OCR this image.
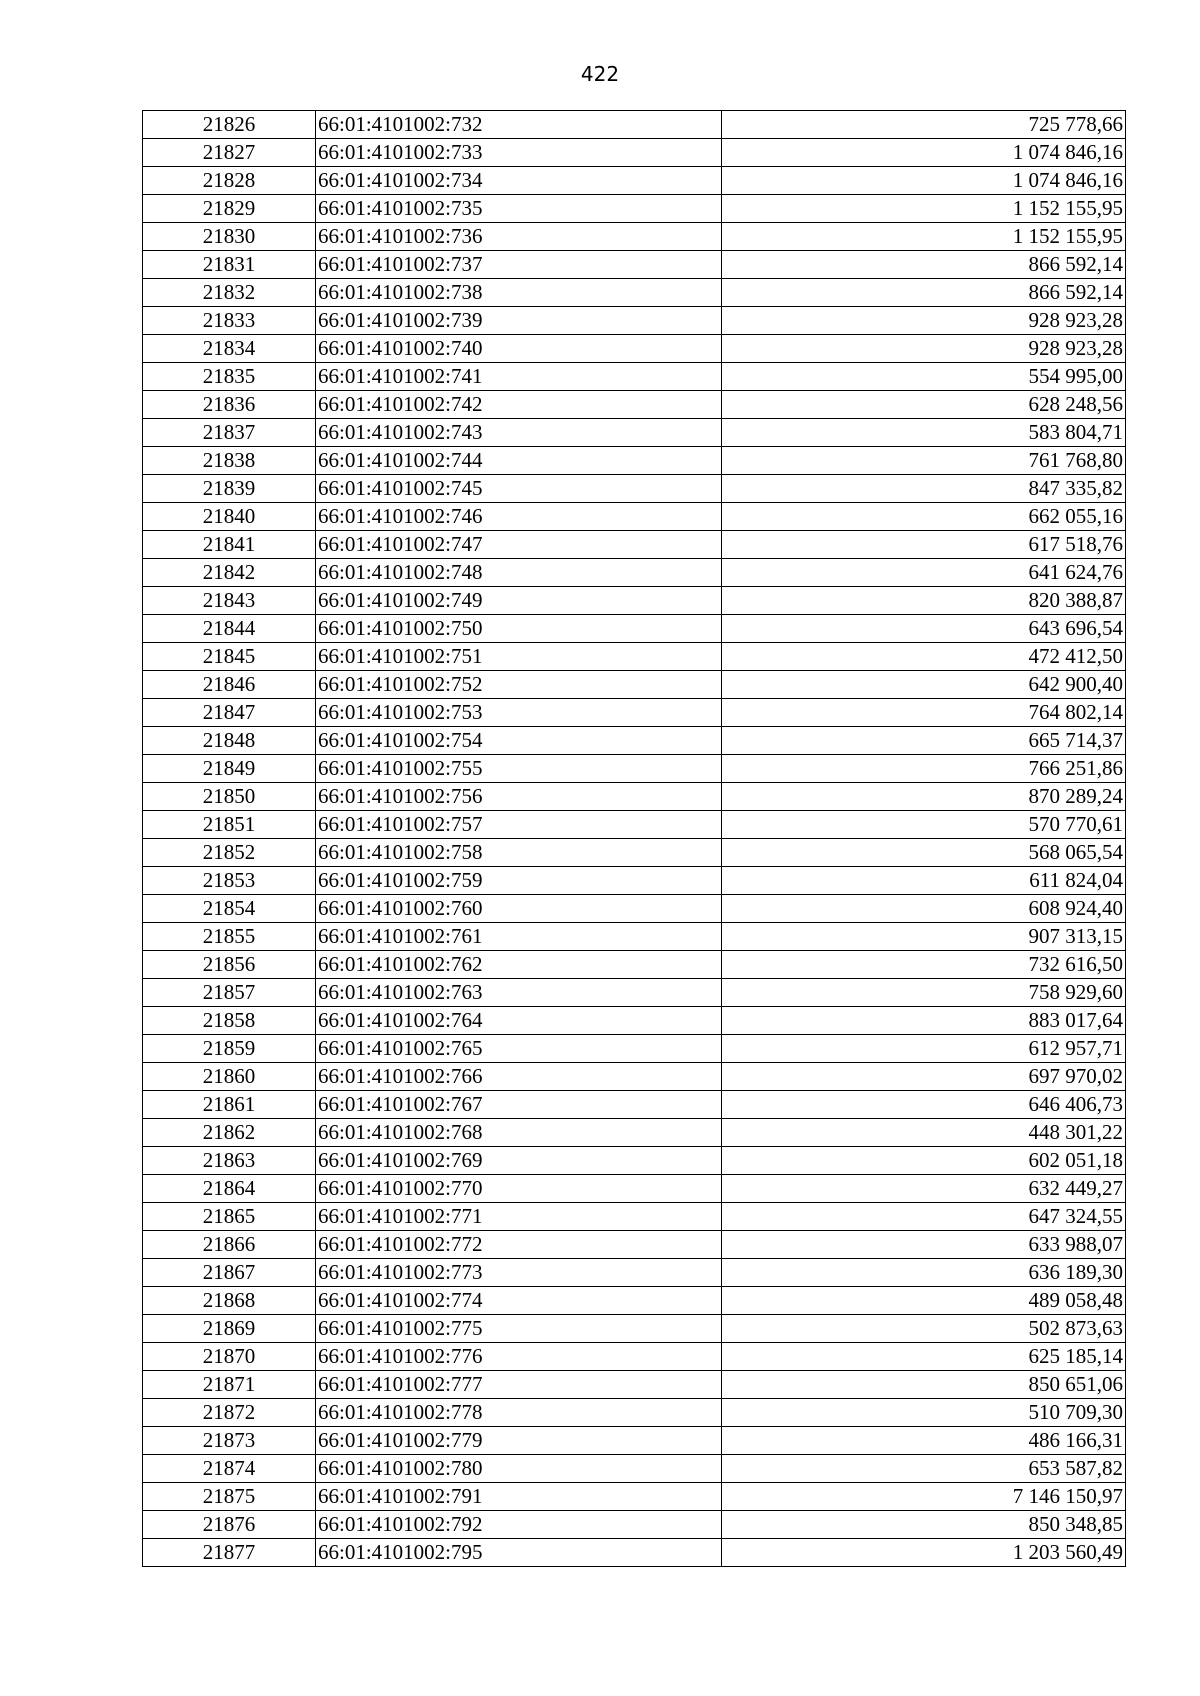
422
21826	66:01:4101002:732	725 778,66
21827	66:01:4101002:733	1 074 846,16
21828	66:01:4101002:734	1 074 846,16
21829	66:01:4101002:735	1 152 155,95
21830	66:01:4101002:736	1 152 155,95
21831	66:01:4101002:737	866 592,14
21832	66:01:4101002:738	866 592,14
21833	66:01:4101002:739	928 923,28
21834	66:01:4101002:740	928 923,28
21835	66:01:4101002:741	554 995,00
21836	66:01:4101002:742	628 248,56
21837	66:01:4101002:743	583 804,71
21838	66:01:4101002:744	761 768,80
21839	66:01:4101002:745	847 335,82
21840	66:01:4101002:746	662 055,16
21841	66:01:4101002:747	617 518,76
21842	66:01:4101002:748	641 624,76
21843	66:01:4101002:749	820 388,87
21844	66:01:4101002:750	643 696,54
21845	66:01:4101002:751	472 412,50
21846	66:01:4101002:752	642 900,40
21847	66:01:4101002:753	764 802,14
21848	66:01:4101002:754	665 714,37
21849	66:01:4101002:755	766 251,86
21850	66:01:4101002:756	870 289,24
21851	66:01:4101002:757	570 770,61
21852	66:01:4101002:758	568 065,54
21853	66:01:4101002:759	611 824,04
21854	66:01:4101002:760	608 924,40
21855	66:01:4101002:761	907 313,15
21856	66:01:4101002:762	732 616,50
21857	66:01:4101002:763	758 929,60
21858	66:01:4101002:764	883 017,64
21859	66:01:4101002:765	612 957,71
21860	66:01:4101002:766	697 970,02
21861	66:01:4101002:767	646 406,73
21862	66:01:4101002:768	448 301,22
21863	66:01:4101002:769	602 051,18
21864	66:01:4101002:770	632 449,27
21865	66:01:4101002:771	647 324,55
21866	66:01:4101002:772	633 988,07
21867	66:01:4101002:773	636 189,30
21868	66:01:4101002:774	489 058,48
21869	66:01:4101002:775	502 873,63
21870	66:01:4101002:776	625 185,14
21871	66:01:4101002:777	850 651,06
21872	66:01:4101002:778	510 709,30
21873	66:01:4101002:779	486 166,31
21874	66:01:4101002:780	653 587,82
21875	66:01:4101002:791	7 146 150,97
21876	66:01:4101002:792	850 348,85
21877	66:01:4101002:795	1 203 560,49
